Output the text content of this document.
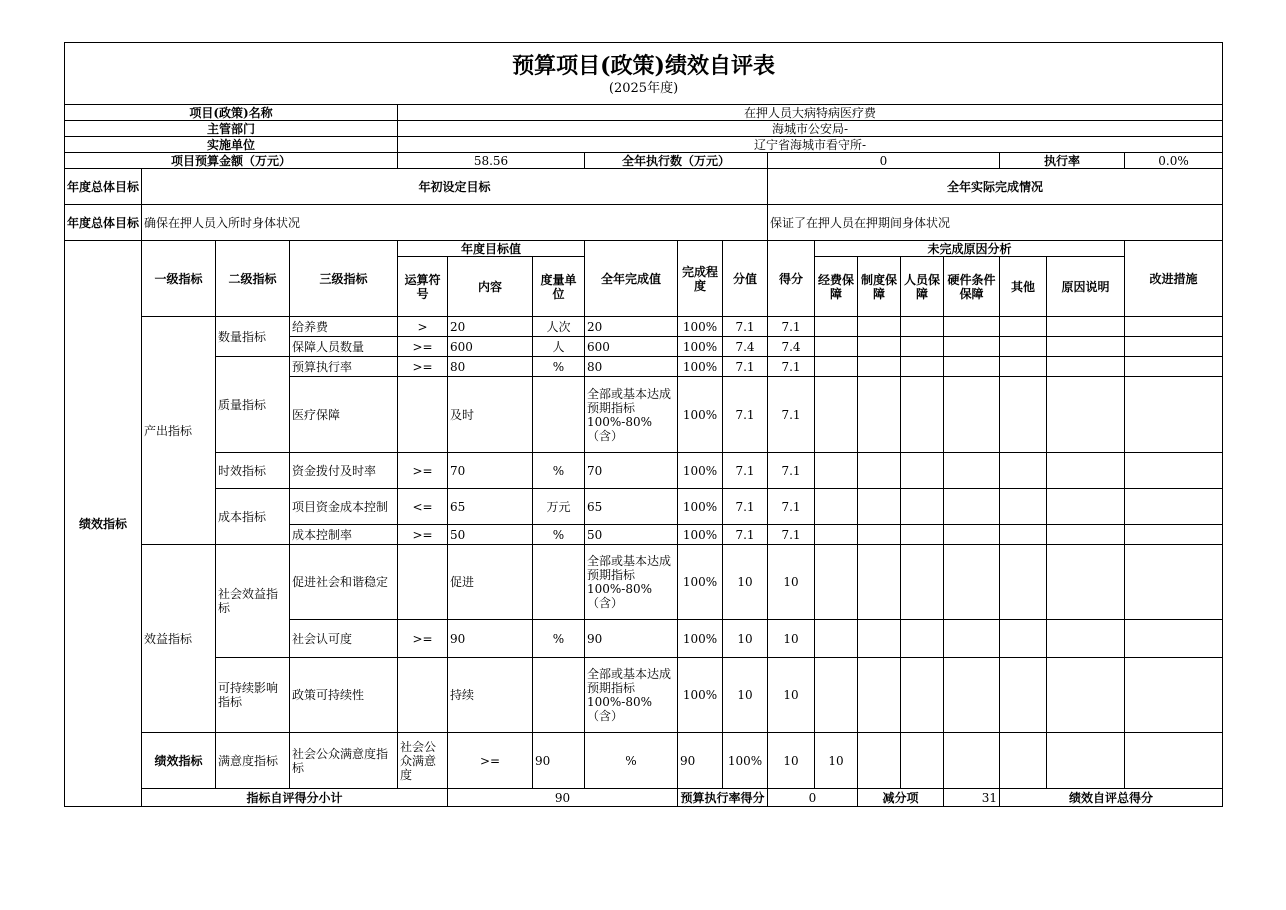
预算项目(政策)绩效自评表
(2025年度)																		

项目(政策)名称				在押人员大病特病医疗费														
主管部门				海城市公安局-														
实施单位				辽宁省海城市看守所-														
项目预算金额（万元）				58.56			全年执行数（万元）			0					执行率		0.0%	
年度总体目标	年初设定目标									全年实际完成情况								
年度总体目标	确保在押人员入所时身体状况									保证了在押人员在押期间身体状况								
绩效指标	一级指标	二级指标	三级指标	年度目标值			全年完成值	完成程度	分值	得分	未完成原因分析						改进措施	
				运算符号	内容	度量单位					经费保障	制度保障	人员保障	硬件条件保障	其他	原因说明		
	产出指标	数量指标	给养费	>	20	人次	20	100%	7.1	7.1								
			保障人员数量	>=	600	人	600	100%	7.4	7.4								
		质量指标	预算执行率	>=	80	%	80	100%	7.1	7.1								
			医疗保障		及时		全部或基本达成预期指标100%-80%（含）	100%	7.1	7.1								
		时效指标	资金拨付及时率	>=	70	%	70	100%	7.1	7.1								
		成本指标	项目资金成本控制	<=	65	万元	65	100%	7.1	7.1								
			成本控制率	>=	50	%	50	100%	7.1	7.1								
	效益指标	社会效益指标	促进社会和谐稳定		促进		全部或基本达成预期指标100%-80%（含）	100%	10	10								
			社会认可度	>=	90	%	90	100%	10	10								
		可持续影响指标	政策可持续性		持续		全部或基本达成预期指标100%-80%（含）	100%	10	10								
	绩效指标	满意度指标	社会公众满意度指标	社会公众满意度	>=	90	%	90	100%	10	10							
	指标自评得分小计				90			预算执行率得分		0		减分项		31	绩效自评总得分	
